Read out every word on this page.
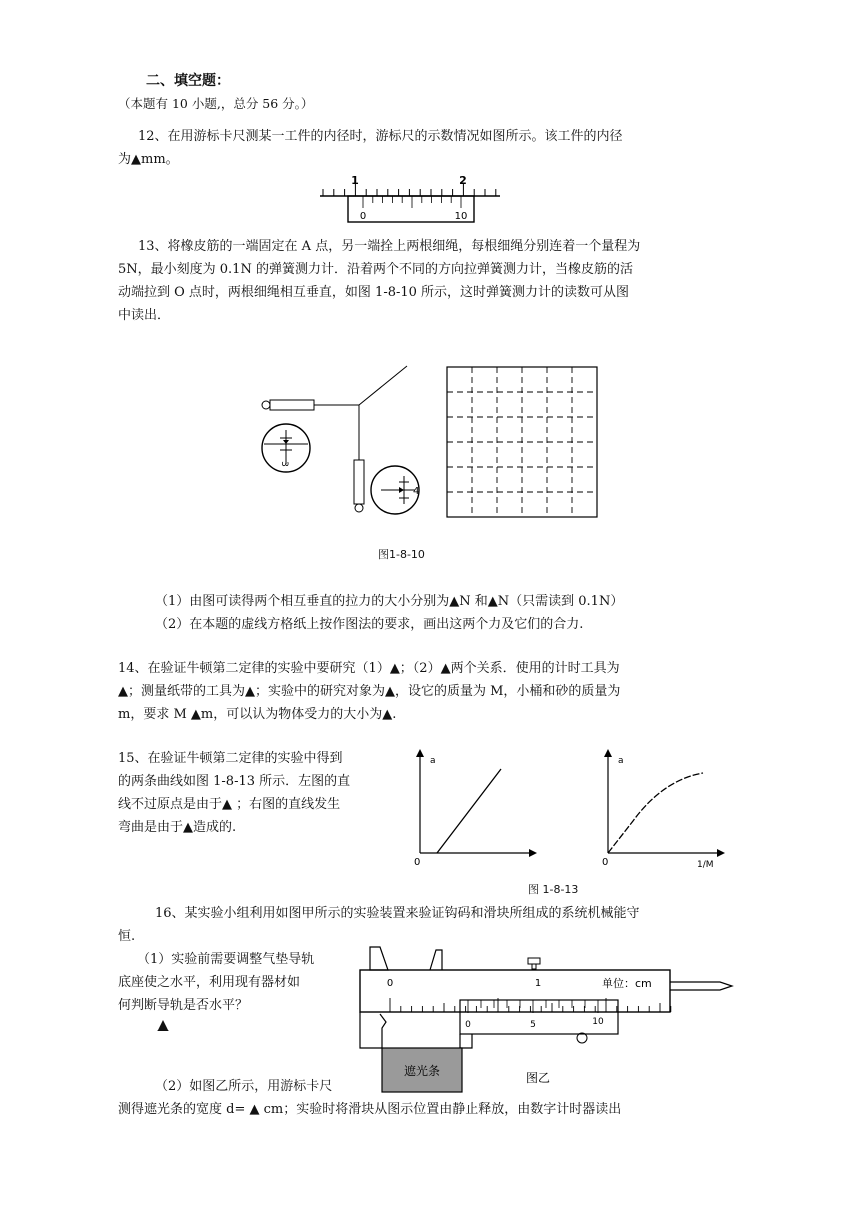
二、填空题：
（本题有 10 小题,，总分 56 分。）
12、在用游标卡尺测某一工件的内径时，游标尺的示数情况如图所示。该工件的内径
为▲mm。
1	2
0	10
13、将橡皮筋的一端固定在 A 点，另一端拴上两根细绳，每根细绳分别连着一个量程为
5N，最小刻度为 0.1N 的弹簧测力计．沿着两个不同的方向拉弹簧测力计，当橡皮筋的活
动端拉到 O 点时，两根细绳相互垂直，如图 1-8-10 所示，这时弹簧测力计的读数可从图
中读出．
3
4
图1-8-10
（1）由图可读得两个相互垂直的拉力的大小分别为▲N 和▲N（只需读到 0.1N）
（2）在本题的虚线方格纸上按作图法的要求，画出这两个力及它们的合力.
14、在验证牛顿第二定律的实验中要研究（1）▲；（2）▲两个关系．使用的计时工具为
▲；测量纸带的工具为▲；实验中的研究对象为▲，设它的质量为 M，小桶和砂的质量为
m，要求 M ▲m，可以认为物体受力的大小为▲.
15、在验证牛顿第二定律的实验中得到
的两条曲线如图 1-8-13 所示．左图的直
线不过原点是由于▲ ；右图的直线发生
弯曲是由于▲造成的.
a
0
a
0	1/M
图 1-8-13
16、某实验小组利用如图甲所示的实验装置来验证钩码和滑块所组成的系统机械能守
恒.
（1）实验前需要调整气垫导轨
底座使之水平，利用现有器材如
何判断导轨是否水平？
▲
0	1	单位：cm
0	5	10
遮光条	图乙
（2）如图乙所示，用游标卡尺
测得遮光条的宽度 d= ▲ cm；实验时将滑块从图示位置由静止释放，由数字计时器读出
